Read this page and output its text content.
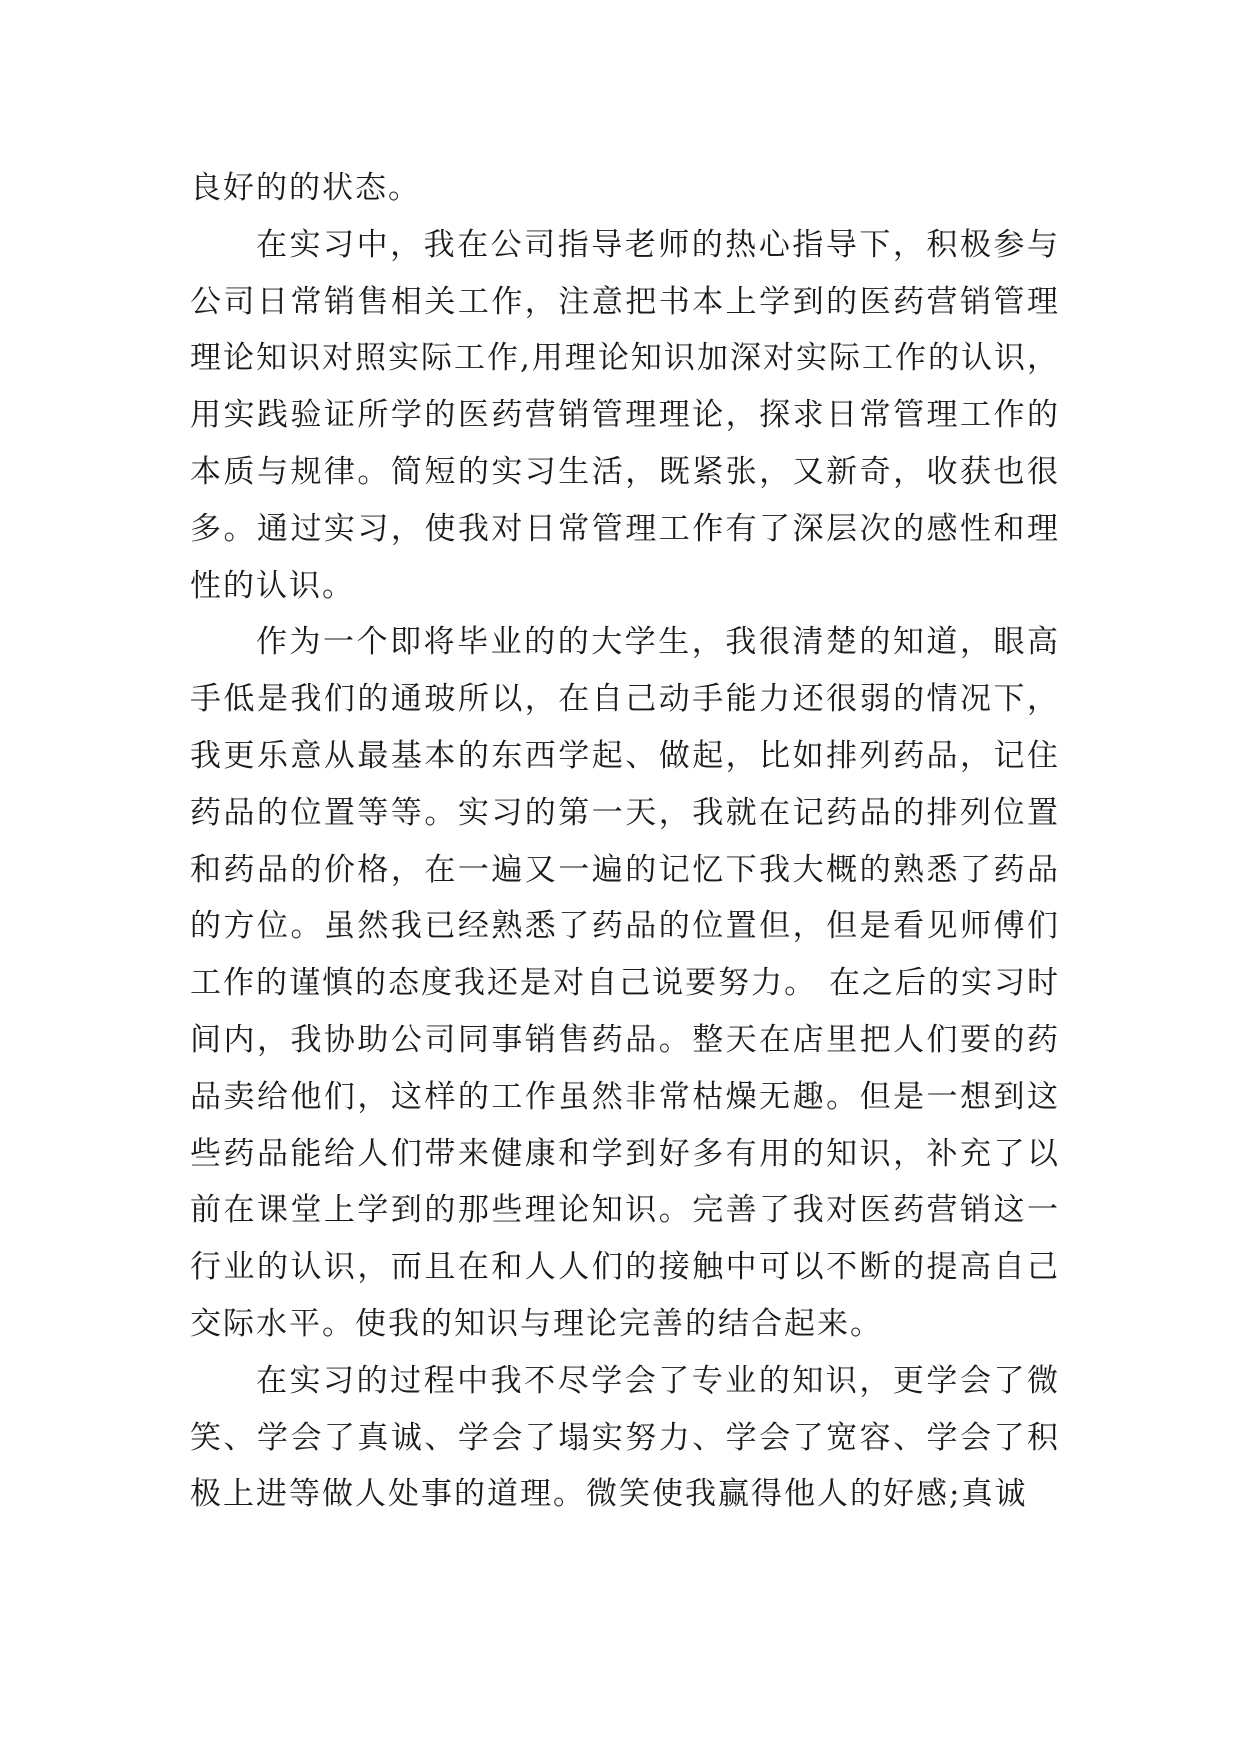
良好的的状态。

在实习中，我在公司指导老师的热心指导下，积极参与公司日常销售相关工作，注意把书本上学到的医药营销管理理论知识对照实际工作,用理论知识加深对实际工作的认识，用实践验证所学的医药营销管理理论，探求日常管理工作的本质与规律。简短的实习生活，既紧张，又新奇，收获也很多。通过实习，使我对日常管理工作有了深层次的感性和理性的认识。

作为一个即将毕业的的大学生，我很清楚的知道，眼高手低是我们的通玻所以，在自己动手能力还很弱的情况下，我更乐意从最基本的东西学起、做起，比如排列药品，记住药品的位置等等。实习的第一天，我就在记药品的排列位置和药品的价格，在一遍又一遍的记忆下我大概的熟悉了药品的方位。虽然我已经熟悉了药品的位置但，但是看见师傅们工作的谨慎的态度我还是对自己说要努力。 在之后的实习时间内，我协助公司同事销售药品。整天在店里把人们要的药品卖给他们，这样的工作虽然非常枯燥无趣。但是一想到这些药品能给人们带来健康和学到好多有用的知识，补充了以前在课堂上学到的那些理论知识。完善了我对医药营销这一行业的认识，而且在和人人们的接触中可以不断的提高自己交际水平。使我的知识与理论完善的结合起来。

在实习的过程中我不尽学会了专业的知识，更学会了微笑、学会了真诚、学会了塌实努力、学会了宽容、学会了积极上进等做人处事的道理。微笑使我赢得他人的好感;真诚
